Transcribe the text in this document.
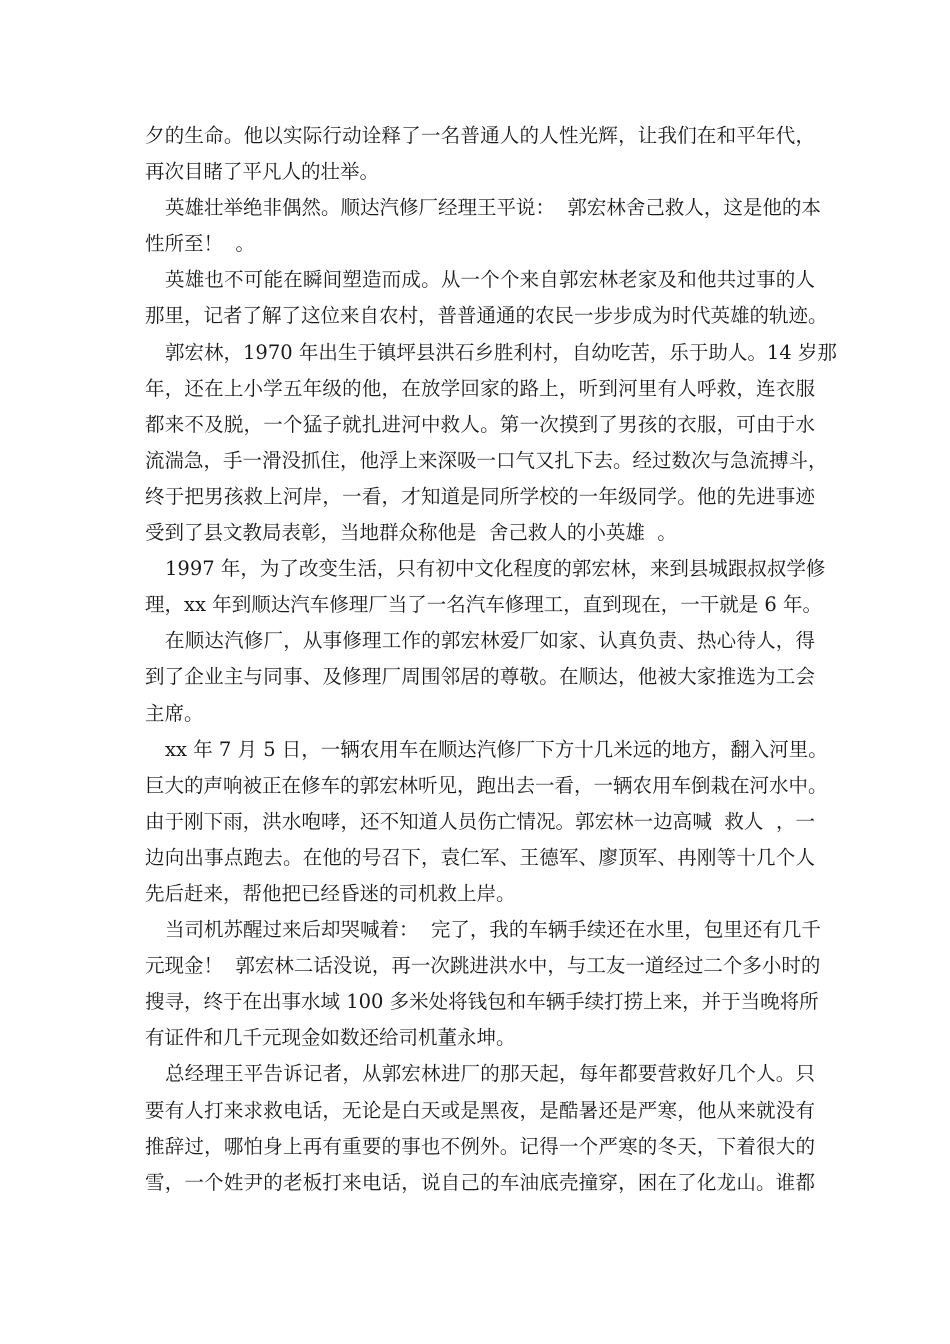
夕的生命。他以实际行动诠释了一名普通人的人性光辉，让我们在和平年代，
再次目睹了平凡人的壮举。
英雄壮举绝非偶然。顺达汽修厂经理王平说：  郭宏林舍己救人，这是他的本
性所至！  。
英雄也不可能在瞬间塑造而成。从一个个来自郭宏林老家及和他共过事的人
那里，记者了解了这位来自农村，普普通通的农民一步步成为时代英雄的轨迹。
郭宏林，1970 年出生于镇坪县洪石乡胜利村，自幼吃苦，乐于助人。14 岁那
年，还在上小学五年级的他，在放学回家的路上，听到河里有人呼救，连衣服
都来不及脱，一个猛子就扎进河中救人。第一次摸到了男孩的衣服，可由于水
流湍急，手一滑没抓住，他浮上来深吸一口气又扎下去。经过数次与急流搏斗，
终于把男孩救上河岸，一看，才知道是同所学校的一年级同学。他的先进事迹
受到了县文教局表彰，当地群众称他是  舍己救人的小英雄  。
1997 年，为了改变生活，只有初中文化程度的郭宏林，来到县城跟叔叔学修
理，xx 年到顺达汽车修理厂当了一名汽车修理工，直到现在，一干就是 6 年。
在顺达汽修厂，从事修理工作的郭宏林爱厂如家、认真负责、热心待人，得
到了企业主与同事、及修理厂周围邻居的尊敬。在顺达，他被大家推选为工会
主席。
xx 年 7 月 5 日，一辆农用车在顺达汽修厂下方十几米远的地方，翻入河里。
巨大的声响被正在修车的郭宏林听见，跑出去一看，一辆农用车倒栽在河水中。
由于刚下雨，洪水咆哮，还不知道人员伤亡情况。郭宏林一边高喊  救人  ，一
边向出事点跑去。在他的号召下，袁仁军、王德军、廖顶军、冉刚等十几个人
先后赶来，帮他把已经昏迷的司机救上岸。
当司机苏醒过来后却哭喊着：  完了，我的车辆手续还在水里，包里还有几千
元现金！  郭宏林二话没说，再一次跳进洪水中，与工友一道经过二个多小时的
搜寻，终于在出事水域 100 多米处将钱包和车辆手续打捞上来，并于当晚将所
有证件和几千元现金如数还给司机董永坤。
总经理王平告诉记者，从郭宏林进厂的那天起，每年都要营救好几个人。只
要有人打来求救电话，无论是白天或是黑夜，是酷暑还是严寒，他从来就没有
推辞过，哪怕身上再有重要的事也不例外。记得一个严寒的冬天，下着很大的
雪，一个姓尹的老板打来电话，说自己的车油底壳撞穿，困在了化龙山。谁都
